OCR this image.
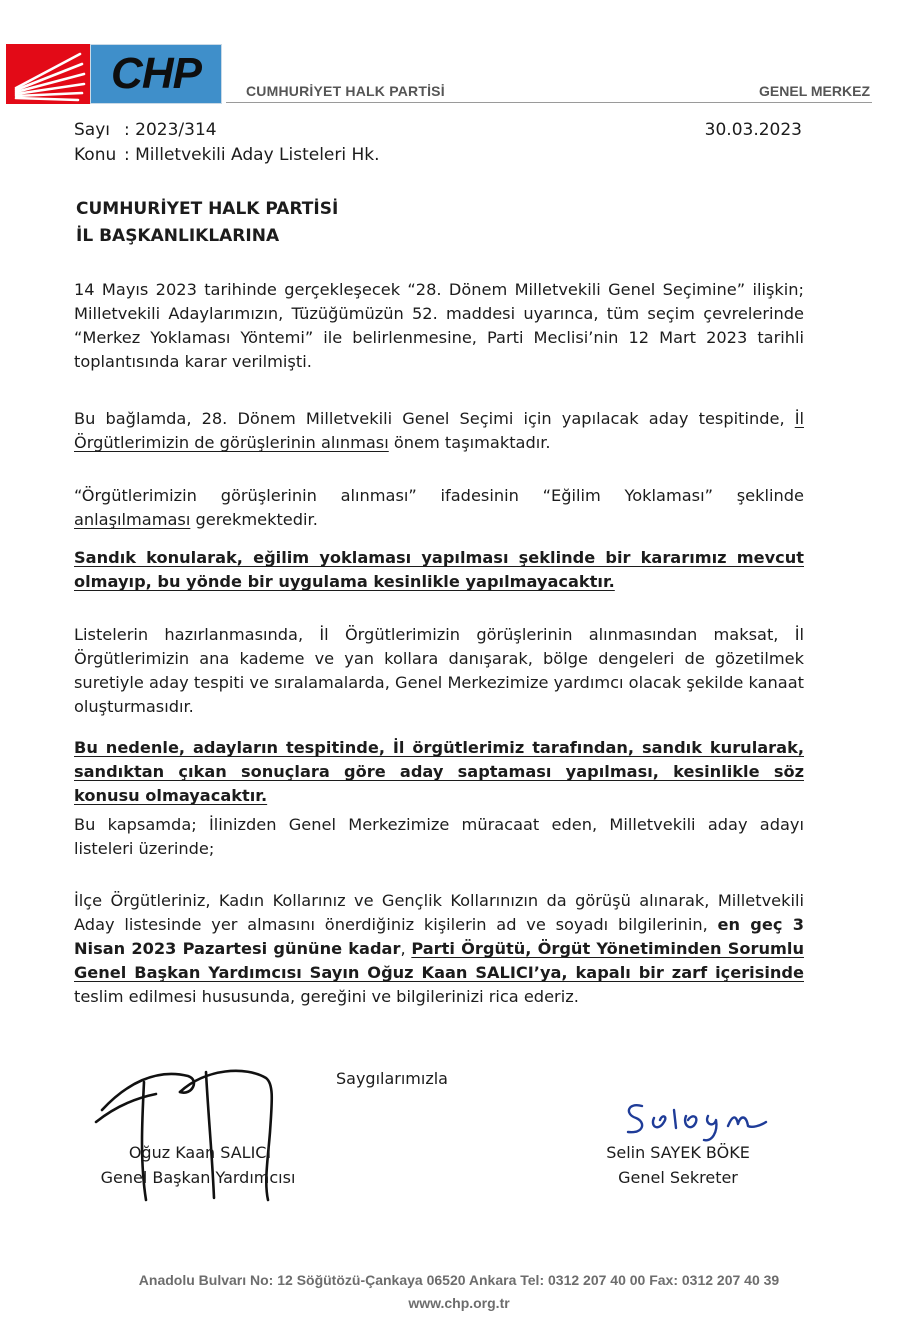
CHP	CUMHURİYET HALK PARTİSİ	GENEL MERKEZ
Sayı : 2023/314
Konu : Milletvekili Aday Listeleri Hk.
30.03.2023
CUMHURİYET HALK PARTİSİ
İL BAŞKANLIKLARINA
14 Mayıs 2023 tarihinde gerçekleşecek “28. Dönem Milletvekili Genel Seçimine” ilişkin; Milletvekili Adaylarımızın, Tüzüğümüzün 52. maddesi uyarınca, tüm seçim çevrelerinde “Merkez Yoklaması Yöntemi” ile belirlenmesine, Parti Meclisi’nin 12 Mart 2023 tarihli toplantısında karar verilmişti.
Bu bağlamda, 28. Dönem Milletvekili Genel Seçimi için yapılacak aday tespitinde, İl Örgütlerimizin de görüşlerinin alınması önem taşımaktadır.
“Örgütlerimizin görüşlerinin alınması” ifadesinin “Eğilim Yoklaması” şeklinde anlaşılmaması gerekmektedir.
Sandık konularak, eğilim yoklaması yapılması şeklinde bir kararımız mevcut olmayıp, bu yönde bir uygulama kesinlikle yapılmayacaktır.
Listelerin hazırlanmasında, İl Örgütlerimizin görüşlerinin alınmasından maksat, İl Örgütlerimizin ana kademe ve yan kollara danışarak, bölge dengeleri de gözetilmek suretiyle aday tespiti ve sıralamalarda, Genel Merkezimize yardımcı olacak şekilde kanaat oluşturmasıdır.
Bu nedenle, adayların tespitinde, İl örgütlerimiz tarafından, sandık kurularak, sandıktan çıkan sonuçlara göre aday saptaması yapılması, kesinlikle söz konusu olmayacaktır.
Bu kapsamda; İlinizden Genel Merkezimize müracaat eden, Milletvekili aday adayı listeleri üzerinde;
İlçe Örgütleriniz, Kadın Kollarınız ve Gençlik Kollarınızın da görüşü alınarak, Milletvekili Aday listesinde yer almasını önerdiğiniz kişilerin ad ve soyadı bilgilerinin, en geç 3 Nisan 2023 Pazartesi gününe kadar, Parti Örgütü, Örgüt Yönetiminden Sorumlu Genel Başkan Yardımcısı Sayın Oğuz Kaan SALICI’ya, kapalı bir zarf içerisinde teslim edilmesi hususunda, gereğini ve bilgilerinizi rica ederiz.
Saygılarımızla
Oğuz Kaan SALICI
Genel Başkan Yardımcısı
Selin SAYEK BÖKE
Genel Sekreter
Anadolu Bulvarı No: 12 Söğütözü-Çankaya 06520 Ankara Tel: 0312 207 40 00 Fax: 0312 207 40 39
www.chp.org.tr
